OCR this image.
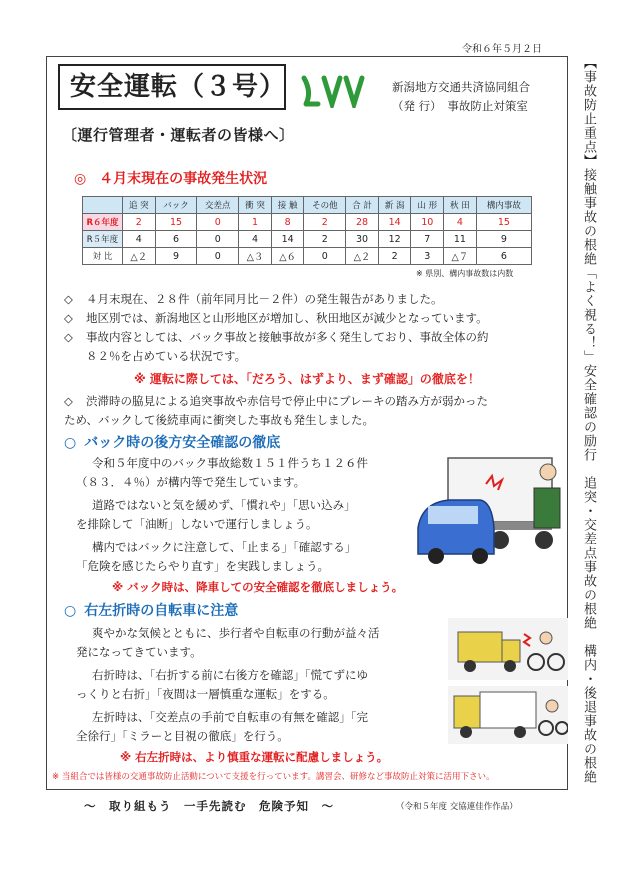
令和６年５月２日
安全運転（３号）	新潟地方交通共済協同組合
（発 行）　事故防止対策室
〔運行管理者・運転者の皆様へ〕
◎ ４月末現在の事故発生状況
	追 突	バック	交差点	衝 突	接 触	その他	合 計	新 潟	山 形	秋 田	構内事故
R６年度	2	15	0	1	8	2	28	14	10	4	15
R５年度	4	6	0	4	14	2	30	12	7	11	9
対 比	△２	9	0	△３	△６	0	△２	2	3	△７	6
※ 県別、構内事故数は内数
◇ ４月末現在、２８件（前年同月比－２件）の発生報告がありました。
◇ 地区別では、新潟地区と山形地区が増加し、秋田地区が減少となっています。
◇ 事故内容としては、バック事故と接触事故が多く発生しており、事故全体の約
８２％を占めている状況です。
※ 運転に際しては、「だろう、はずより、まず確認」の徹底を！
◇ 渋滞時の脇見による追突事故や赤信号で停止中にブレーキの踏み方が弱かった
ため、バックして後続車両に衝突した事故も発生しました。
○ バック時の後方安全確認の徹底
令和５年度中のバック事故総数１５１件うち１２６件
（８３．４％）が構内等で発生しています。
道路ではないと気を緩めず、「慣れや」「思い込み」
を排除して「油断」しないで運行しましょう。
構内ではバックに注意して、「止まる」「確認する」
「危険を感じたらやり直す」を実践しましょう。
※ バック時は、降車しての安全確認を徹底しましょう。
○ 右左折時の自転車に注意
爽やかな気候とともに、歩行者や自転車の行動が益々活
発になってきています。
右折時は、「右折する前に右後方を確認」「慌てずにゆ
っくりと右折」「夜間は一層慎重な運転」をする。
左折時は、「交差点の手前で自転車の有無を確認」「完
全徐行」「ミラーと目視の徹底」を行う。
※ 右左折時は、より慎重な運転に配慮しましょう。
※ 当組合では皆様の交通事故防止活動について支援を行っています。講習会、研修など事故防止対策に活用下さい。
～　取り組もう　一手先読む　危険予知　～	（令和５年度 交協連佳作作品）
【事故防止重点】接触事故の根絶「よく視る！」安全確認の励行　追突・交差点事故の根絶　構内・後退事故の根絶
